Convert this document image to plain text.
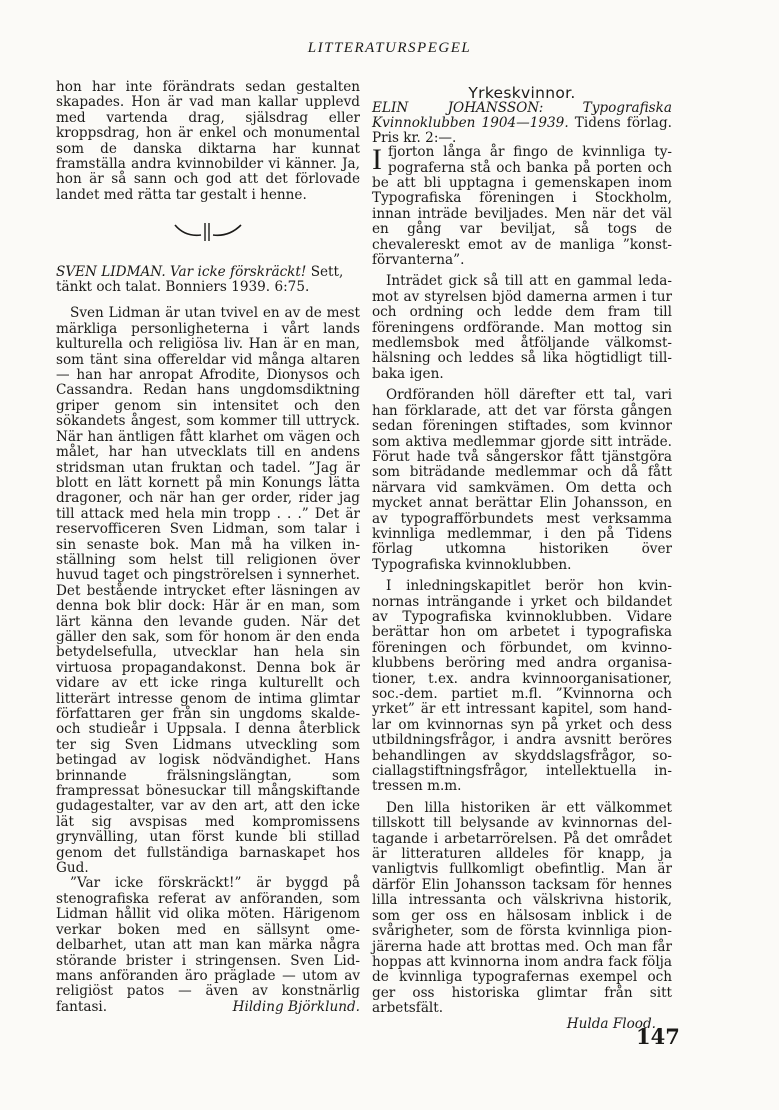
LITTERATURSPEGEL

hon har inte förändrats sedan gestalten skapades. Hon är vad man kallar upplevd med vartenda drag, själsdrag eller kroppsdrag, hon är enkel och monumental som de danska diktarna har kunnat framställa andra kvinnobilder vi känner. Ja, hon är så sann och god att det förlovade landet med rätta tar gestalt i henne.

SVEN LIDMAN. Var icke förskräckt! Sett, tänkt och talat. Bonniers 1939. 6:75.

Sven Lidman är utan tvivel en av de mest märkliga personligheterna i vårt lands kulturella och religiösa liv. Han är en man, som tänt sina offereldar vid många altaren — han har anropat Afrodite, Dionysos och Cassandra. Redan hans ungdomsdiktning griper genom sin intensitet och den sökandets ångest, som kommer till uttryck. När han äntligen fått klarhet om vägen och målet, har han utvecklats till en andens stridsman utan fruktan och tadel. ”Jag är blott en lätt kornett på min Konungs lätta dragoner, och när han ger order, rider jag till attack med hela min tropp . . .” Det är reservofficeren Sven Lidman, som talar i sin senaste bok. Man må ha vilken inställning som helst till religionen över huvud taget och pingströrelsen i synnerhet. Det bestående intrycket efter läsningen av denna bok blir dock: Här är en man, som lärt känna den levande guden. När det gäller den sak, som för honom är den enda betydelsefulla, utvecklar han hela sin virtuosa propagandakonst. Denna bok är vidare av ett icke ringa kulturellt och litterärt intresse genom de intima glimtar författaren ger från sin ungdoms skalde- och studieår i Uppsala. I denna återblick ter sig Sven Lidmans utveckling som betingad av logisk nödvändighet. Hans brinnande frälsningslängtan, som frampressat bönesuckar till mångskiftande gudagestalter, var av den art, att den icke lät sig avspisas med kompromissens grynvälling, utan först kunde bli stillad genom det fullständiga barnaskapet hos Gud.

”Var icke förskräckt!” är byggd på stenografiska referat av anföranden, som Lidman hållit vid olika möten. Härigenom verkar boken med en sällsynt omedelbarhet, utan att man kan märka några störande brister i stringensen. Sven Lidmans anföranden äro präglade — utom av religiöst patos — även av konstnärlig fantasi.	Hilding Björklund.

Yrkeskvinnor.

ELIN JOHANSSON:	Typografiska Kvinnoklubben 1904—1939. Tidens förlag. Pris kr. 2:—.

I fjorton långa år fingo de kvinnliga typograferna stå och banka på porten och be att bli upptagna i gemenskapen inom Typografiska föreningen i Stockholm, innan inträde beviljades. Men när det väl en gång var beviljat, så togs de chevalereskt emot av de manliga ”konstförvanterna”.

Inträdet gick så till att en gammal ledamot av styrelsen bjöd damerna armen i tur och ordning och ledde dem fram till föreningens ordförande. Man mottog sin medlemsbok med åtföljande välkomsthälsning och leddes så lika högtidligt tillbaka igen.

Ordföranden höll därefter ett tal, vari han förklarade, att det var första gången sedan föreningen stiftades, som kvinnor som aktiva medlemmar gjorde sitt inträde. Förut hade två sångerskor fått tjänstgöra som biträdande medlemmar och då fått närvara vid samkvämen. Om detta och mycket annat berättar Elin Johansson, en av typografförbundets mest verksamma kvinnliga medlemmar, i den på Tidens förlag utkomna historiken över Typografiska kvinnoklubben.

I inledningskapitlet berör hon kvinnornas inträngande i yrket och bildandet av Typografiska kvinnoklubben. Vidare berättar hon om arbetet i typografiska föreningen och förbundet, om kvinnoklubbens beröring med andra organisationer, t.ex. andra kvinnoorganisationer, soc.-dem. partiet m.fl. ”Kvinnorna och yrket” är ett intressant kapitel, som handlar om kvinnornas syn på yrket och dess utbildningsfrågor, i andra avsnitt beröres behandlingen av skyddslagsfrågor, sociallagstiftningsfrågor, intellektuella intressen m.m.

Den lilla historiken är ett välkommet tillskott till belysande av kvinnornas deltagande i arbetarrörelsen. På det området är litteraturen alldeles för knapp, ja vanligtvis fullkomligt obefintlig. Man är därför Elin Johansson tacksam för hennes lilla intressanta och välskrivna historik, som ger oss en hälsosam inblick i de svårigheter, som de första kvinnliga pionjärerna hade att brottas med. Och man får hoppas att kvinnorna inom andra fack följa de kvinnliga typografernas exempel och ger oss historiska glimtar från sitt arbetsfält.

Hulda Flood.

147
